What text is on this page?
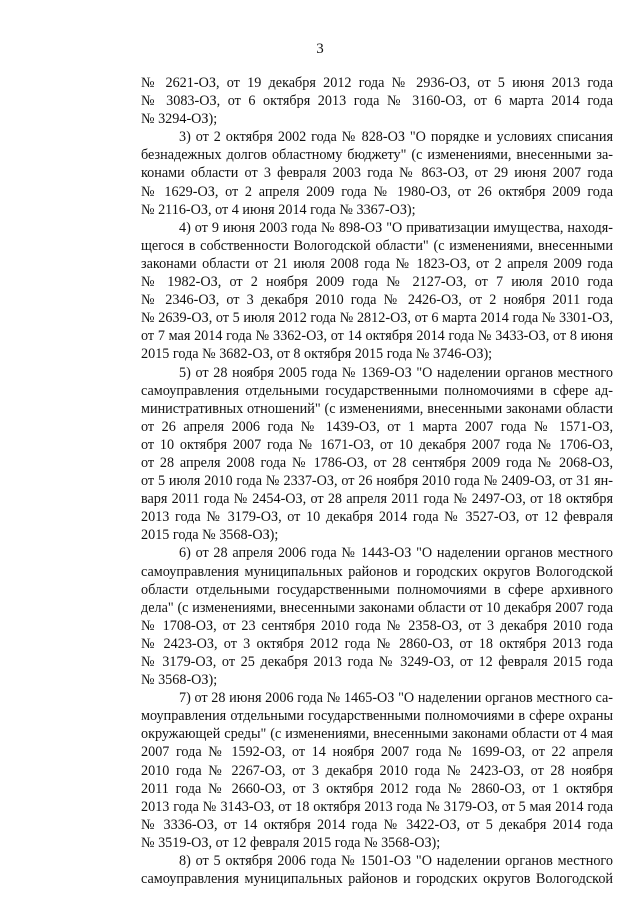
3
№ 2621-ОЗ, от 19 декабря 2012 года № 2936-ОЗ, от 5 июня 2013 года
№ 3083-ОЗ, от 6 октября 2013 года № 3160-ОЗ, от 6 марта 2014 года
№ 3294-ОЗ);
3) от 2 октября 2002 года № 828-ОЗ "О порядке и условиях списания
безнадежных долгов областному бюджету" (с изменениями, внесенными за-
конами области от 3 февраля 2003 года № 863-ОЗ, от 29 июня 2007 года
№ 1629-ОЗ, от 2 апреля 2009 года № 1980-ОЗ, от 26 октября 2009 года
№ 2116-ОЗ, от 4 июня 2014 года № 3367-ОЗ);
4) от 9 июня 2003 года № 898-ОЗ "О приватизации имущества, находя-
щегося в собственности Вологодской области" (с изменениями, внесенными
законами области от 21 июля 2008 года № 1823-ОЗ, от 2 апреля 2009 года
№ 1982-ОЗ, от 2 ноября 2009 года № 2127-ОЗ, от 7 июля 2010 года
№ 2346-ОЗ, от 3 декабря 2010 года № 2426-ОЗ, от 2 ноября 2011 года
№ 2639-ОЗ, от 5 июля 2012 года № 2812-ОЗ, от 6 марта 2014 года № 3301-ОЗ,
от 7 мая 2014 года № 3362-ОЗ, от 14 октября 2014 года № 3433-ОЗ, от 8 июня
2015 года № 3682-ОЗ, от 8 октября 2015 года № 3746-ОЗ);
5) от 28 ноября 2005 года № 1369-ОЗ "О наделении органов местного
самоуправления отдельными государственными полномочиями в сфере ад-
министративных отношений" (с изменениями, внесенными законами области
от 26 апреля 2006 года № 1439-ОЗ, от 1 марта 2007 года № 1571-ОЗ,
от 10 октября 2007 года № 1671-ОЗ, от 10 декабря 2007 года № 1706-ОЗ,
от 28 апреля 2008 года № 1786-ОЗ, от 28 сентября 2009 года № 2068-ОЗ,
от 5 июля 2010 года № 2337-ОЗ, от 26 ноября 2010 года № 2409-ОЗ, от 31 ян-
варя 2011 года № 2454-ОЗ, от 28 апреля 2011 года № 2497-ОЗ, от 18 октября
2013 года № 3179-ОЗ, от 10 декабря 2014 года № 3527-ОЗ, от 12 февраля
2015 года № 3568-ОЗ);
6) от 28 апреля 2006 года № 1443-ОЗ "О наделении органов местного
самоуправления муниципальных районов и городских округов Вологодской
области отдельными государственными полномочиями в сфере архивного
дела" (с изменениями, внесенными законами области от 10 декабря 2007 года
№ 1708-ОЗ, от 23 сентября 2010 года № 2358-ОЗ, от 3 декабря 2010 года
№ 2423-ОЗ, от 3 октября 2012 года № 2860-ОЗ, от 18 октября 2013 года
№ 3179-ОЗ, от 25 декабря 2013 года № 3249-ОЗ, от 12 февраля 2015 года
№ 3568-ОЗ);
7) от 28 июня 2006 года № 1465-ОЗ "О наделении органов местного са-
моуправления отдельными государственными полномочиями в сфере охраны
окружающей среды" (с изменениями, внесенными законами области от 4 мая
2007 года № 1592-ОЗ, от 14 ноября 2007 года № 1699-ОЗ, от 22 апреля
2010 года № 2267-ОЗ, от 3 декабря 2010 года № 2423-ОЗ, от 28 ноября
2011 года № 2660-ОЗ, от 3 октября 2012 года № 2860-ОЗ, от 1 октября
2013 года № 3143-ОЗ, от 18 октября 2013 года № 3179-ОЗ, от 5 мая 2014 года
№ 3336-ОЗ, от 14 октября 2014 года № 3422-ОЗ, от 5 декабря 2014 года
№ 3519-ОЗ, от 12 февраля 2015 года № 3568-ОЗ);
8) от 5 октября 2006 года № 1501-ОЗ "О наделении органов местного
самоуправления муниципальных районов и городских округов Вологодской
